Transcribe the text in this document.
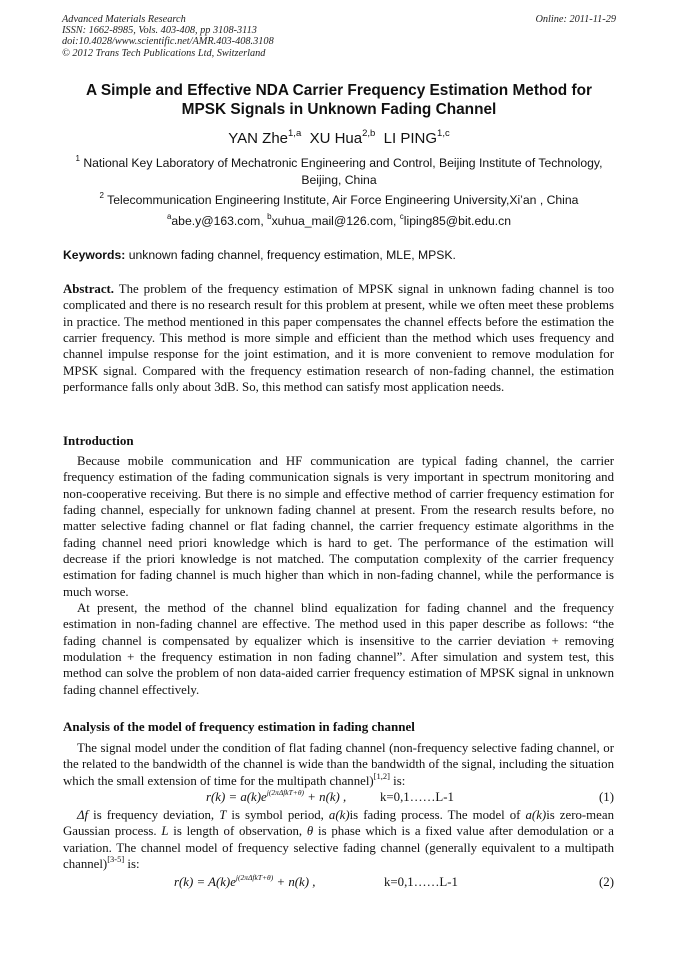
Advanced Materials Research
ISSN: 1662-8985, Vols. 403-408, pp 3108-3113
doi:10.4028/www.scientific.net/AMR.403-408.3108
© 2012 Trans Tech Publications Ltd, Switzerland
Online: 2011-11-29
A Simple and Effective NDA Carrier Frequency Estimation Method for
MPSK Signals in Unknown Fading Channel
YAN Zhe$^{1,a}$ XU Hua$^{2,b}$ LI PING$^{1,c}$
$^1$ National Key Laboratory of Mechatronic Engineering and Control, Beijing Institute of Technology,
Beijing, China
$^2$ Telecommunication Engineering Institute, Air Force Engineering University,Xi’an , China
$^a$abe.y@163.com, $^b$xuhua_mail@126.com, $^c$liping85@bit.edu.cn
Keywords: unknown fading channel, frequency estimation, MLE, MPSK.

Abstract. The problem of the frequency estimation of MPSK signal in unknown fading channel is too complicated and there is no research result for this problem at present, while we often meet these problems in practice. The method mentioned in this paper compensates the channel effects before the estimation the carrier frequency. This method is more simple and efficient than the method which uses frequency and channel impulse response for the joint estimation, and it is more convenient to remove modulation for MPSK signal. Compared with the frequency estimation research of non-fading channel, the estimation performance falls only about 3dB. So, this method can satisfy most application needs.

Introduction

Because mobile communication and HF communication are typical fading channel, the carrier frequency estimation of the fading communication signals is very important in spectrum monitoring and non-cooperative receiving. But there is no simple and effective method of carrier frequency estimation for fading channel, especially for unknown fading channel at present. From the research results before, no matter selective fading channel or flat fading channel, the carrier frequency estimate algorithms in the fading channel need priori knowledge which is hard to get. The performance of the estimation will decrease if the priori knowledge is not matched. The computation complexity of the carrier frequency estimation for fading channel is much higher than which in non-fading channel, while the performance is much worse.

At present, the method of the channel blind equalization for fading channel and the frequency estimation in non-fading channel are effective. The method used in this paper describe as follows: “the fading channel is compensated by equalizer which is insensitive to the carrier deviation + removing modulation + the frequency estimation in non fading channel”. After simulation and system test, this method can solve the problem of non data-aided carrier frequency estimation of MPSK signal in unknown fading channel effectively.

Analysis of the model of frequency estimation in fading channel

The signal model under the condition of flat fading channel (non-frequency selective fading channel, or the related to the bandwidth of the channel is wide than the bandwidth of the signal, including the situation which the small extension of time for the multipath channel)[1,2] is:

$r(k) = a(k)e^{j(2\pi\Delta fkT+\theta)} + n(k)$ ,	k=0,1……L-1	(1)

Δf is frequency deviation, T is symbol period, a(k)is fading process. The model of a(k)is zero-mean Gaussian process. L is length of observation, θ is phase which is a fixed value after demodulation or a variation. The channel model of frequency selective fading channel (generally equivalent to a multipath channel)[3-5] is:

$r(k) = A(k)e^{j(2\pi\Delta fkT+\theta)} + n(k)$ ,	k=0,1……L-1	(2)
